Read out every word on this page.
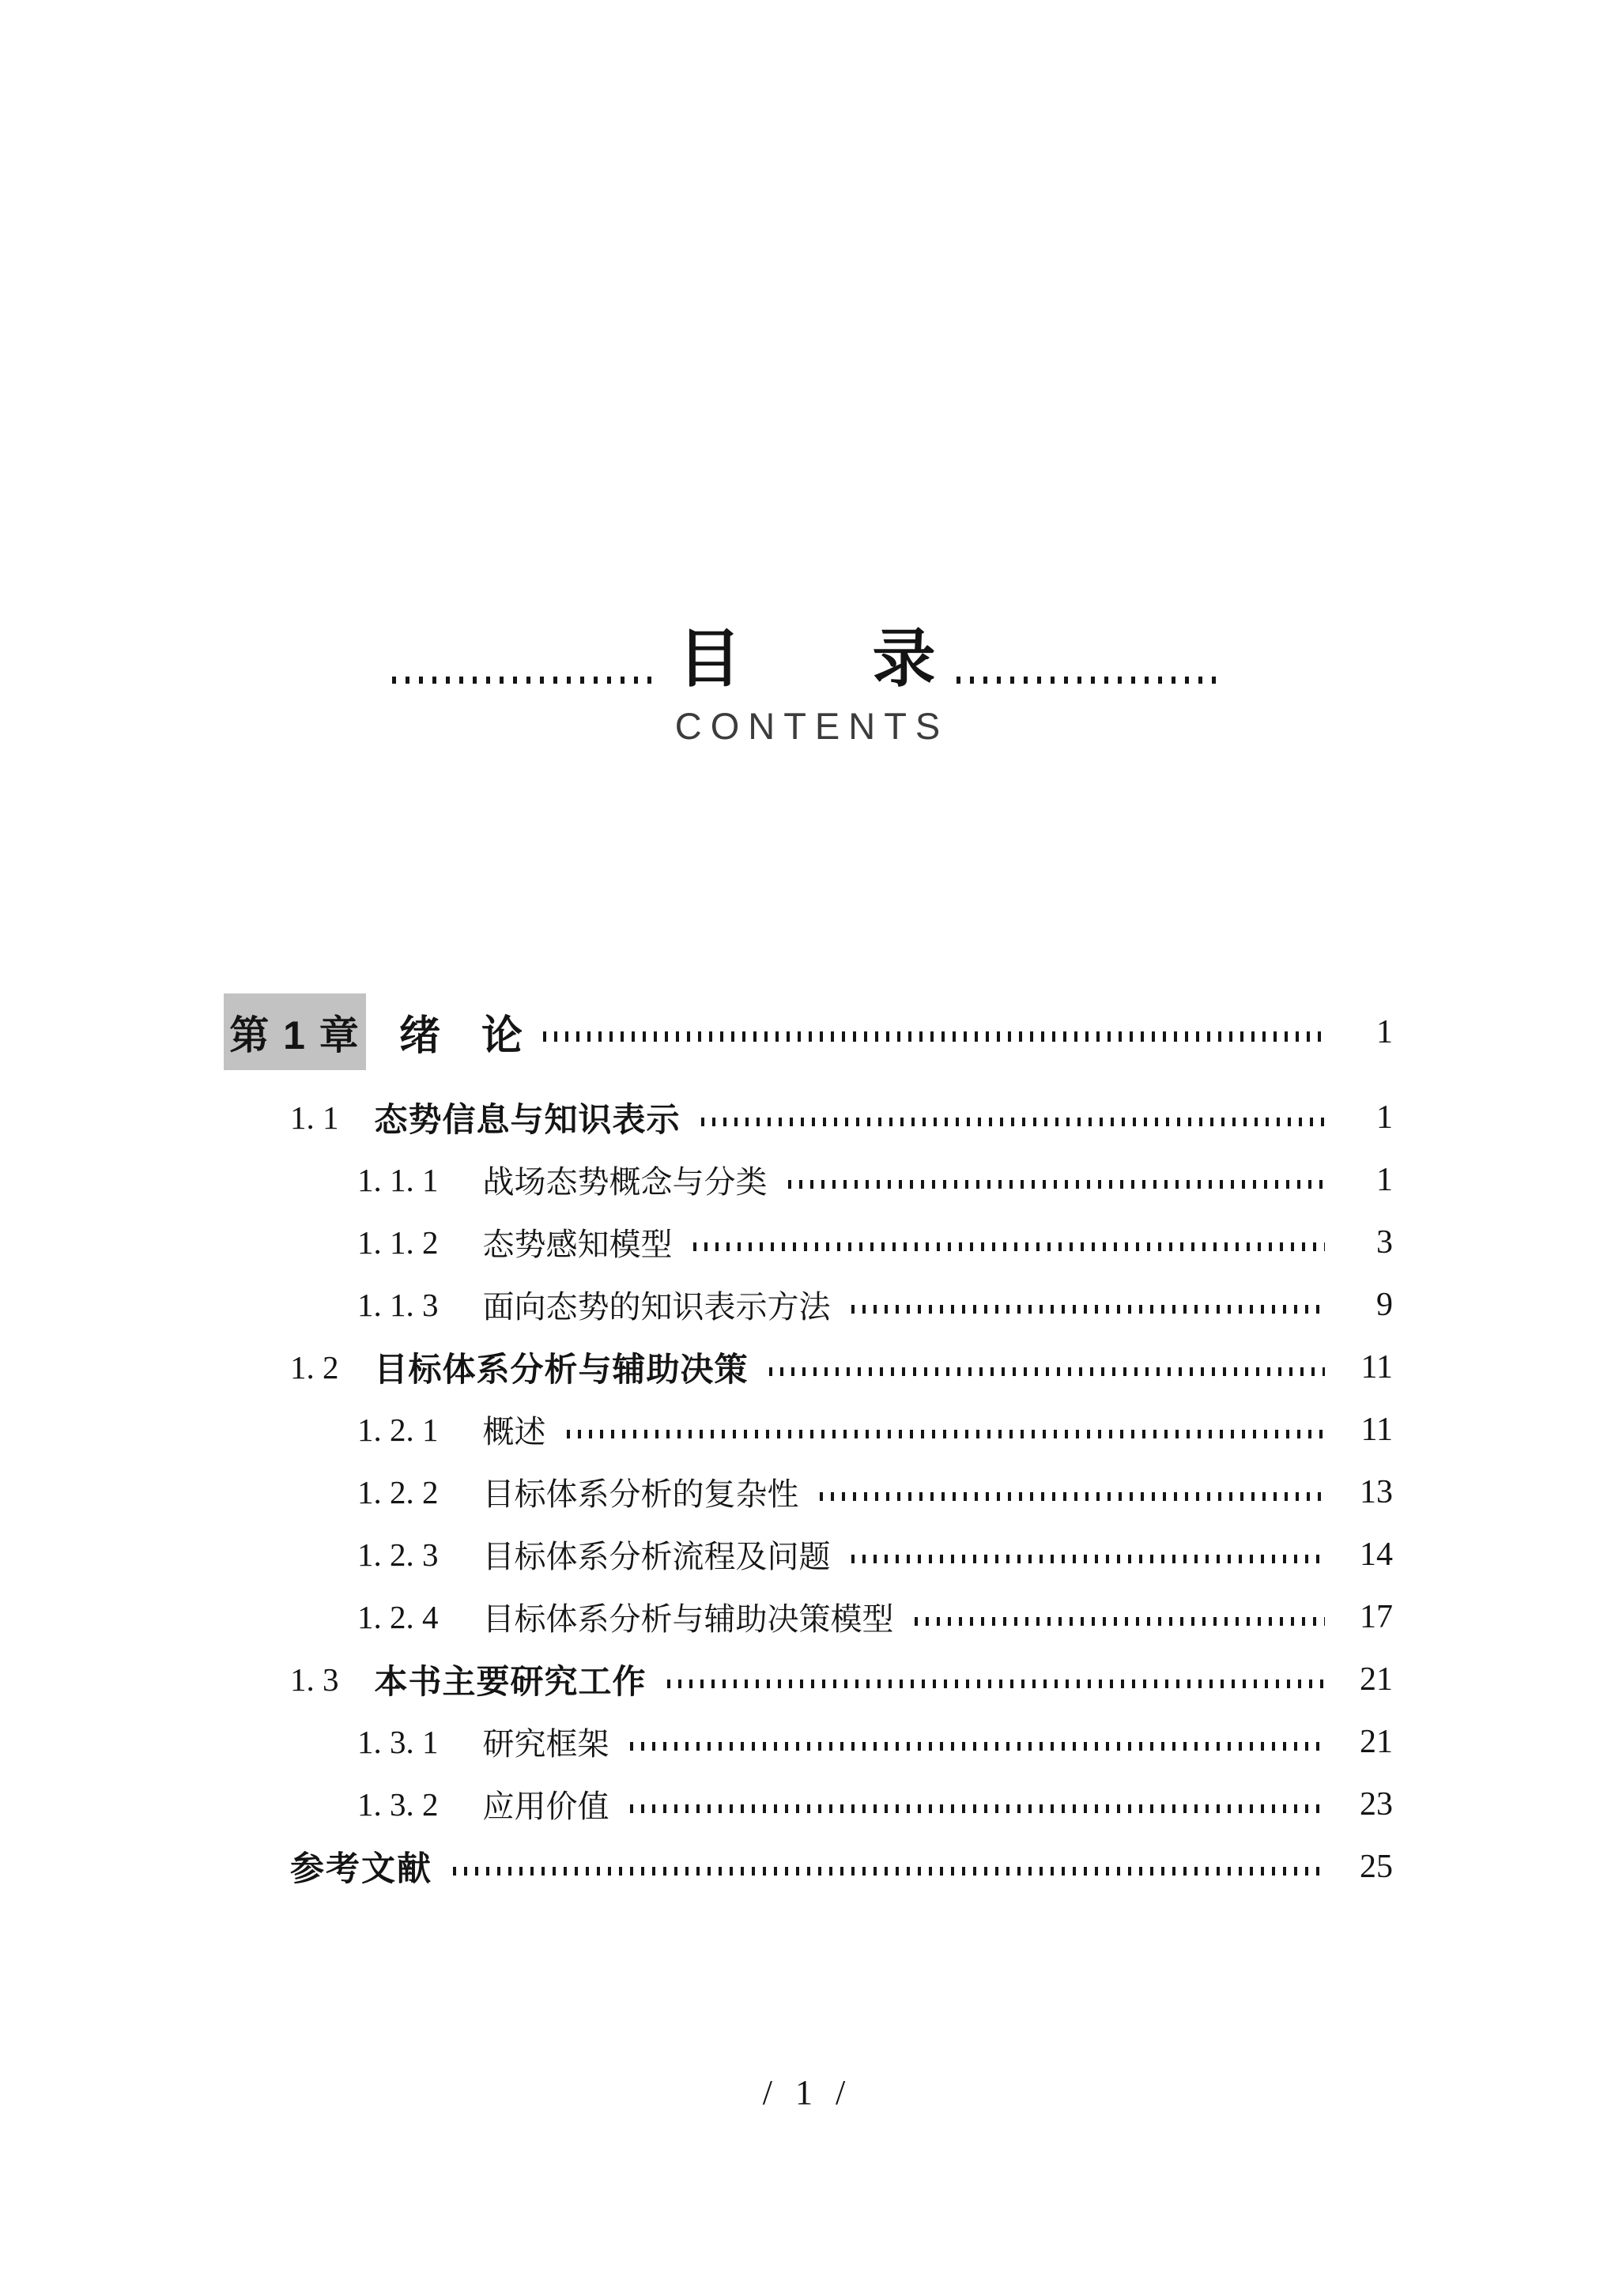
目　　录
CONTENTS
第 1 章 绪　论	1
1. 1 态势信息与知识表示	1
1. 1. 1 战场态势概念与分类	1
1. 1. 2 态势感知模型	3
1. 1. 3 面向态势的知识表示方法	9
1. 2 目标体系分析与辅助决策	11
1. 2. 1 概述	11
1. 2. 2 目标体系分析的复杂性	13
1. 2. 3 目标体系分析流程及问题	14
1. 2. 4 目标体系分析与辅助决策模型	17
1. 3 本书主要研究工作	21
1. 3. 1 研究框架	21
1. 3. 2 应用价值	23
参考文献	25
/ 1 /
